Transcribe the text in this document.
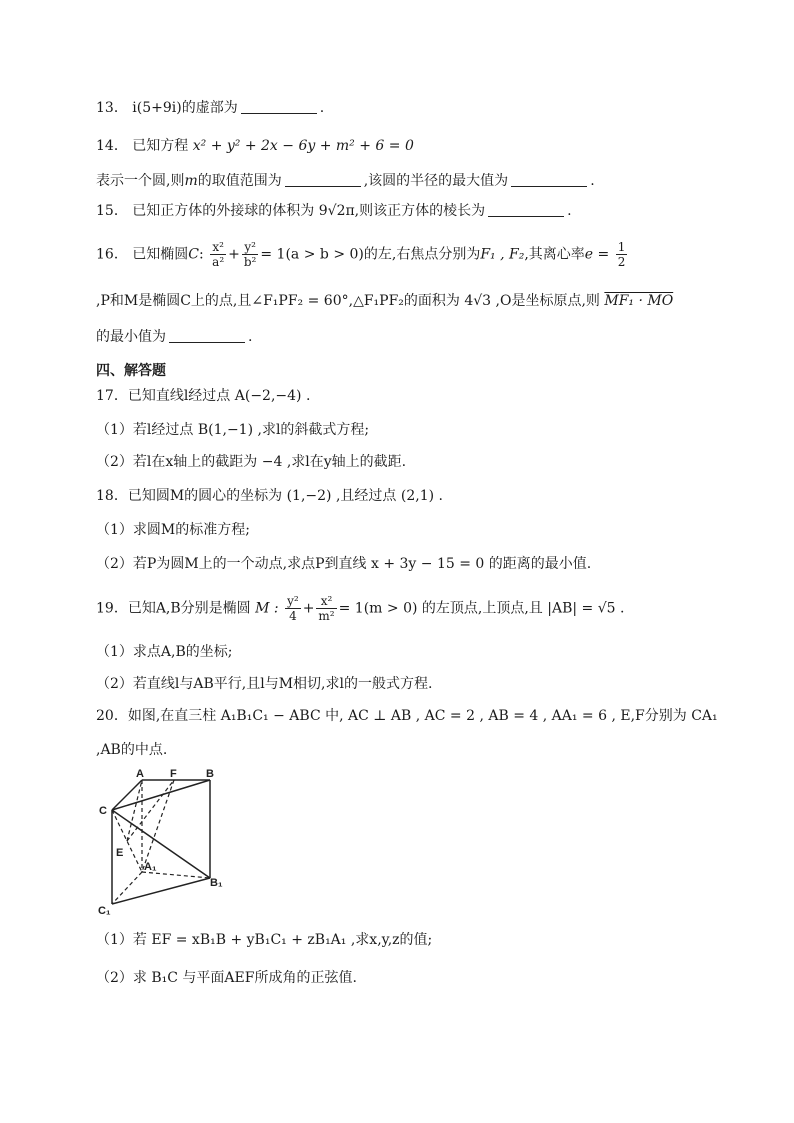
13． i(5+9i)的虚部为	.
14． 已知方程 x² + y² + 2x − 6y + m² + 6 = 0
表示一个圆,则m的取值范围为	,该圆的半径的最大值为	.
15． 已知正方体的外接球的体积为 9√2π,则该正方体的棱长为	.
16． 已知椭圆C: $\frac{\text{x²}}{\text{a²}} + \frac{\text{y²}}{\text{b²}} = 1(a > b > 0)$的左,右焦点分别为F₁ , F₂,其离心率$e = \frac{1}{2}$
,P和M是椭圆C上的点,且∠F₁PF₂ = 60°,△F₁PF₂的面积为 4√3 ,O是坐标原点,则 MF₁ · MO
的最小值为	.
四、解答题
17．已知直线l经过点 A(−2,−4) .
（1）若l经过点 B(1,−1) ,求l的斜截式方程;
（2）若l在x轴上的截距为 −4 ,求l在y轴上的截距.
18．已知圆M的圆心的坐标为 (1,−2) ,且经过点 (2,1) .
（1）求圆M的标准方程;
（2）若P为圆M上的一个动点,求点P到直线 x + 3y − 15 = 0 的距离的最小值.
19．已知A,B分别是椭圆 M : $\frac{\text{y²}}{4} + \frac{\text{x²}}{\text{m²}} = 1(m > 0)$ 的左顶点,上顶点,且 |AB| = √5 .
（1）求点A,B的坐标;
（2）若直线l与AB平行,且l与M相切,求l的一般式方程.
20．如图,在直三柱 A₁B₁C₁ − ABC 中, AC ⊥ AB , AC = 2 , AB = 4 , AA₁ = 6 , E,F分别为 CA₁
,AB的中点.
A F	B
C
E
A₁
B₁
C₁
（1）若 EF = xB₁B + yB₁C₁ + zB₁A₁ ,求x,y,z的值;
（2）求 B₁C 与平面AEF所成角的正弦值.
